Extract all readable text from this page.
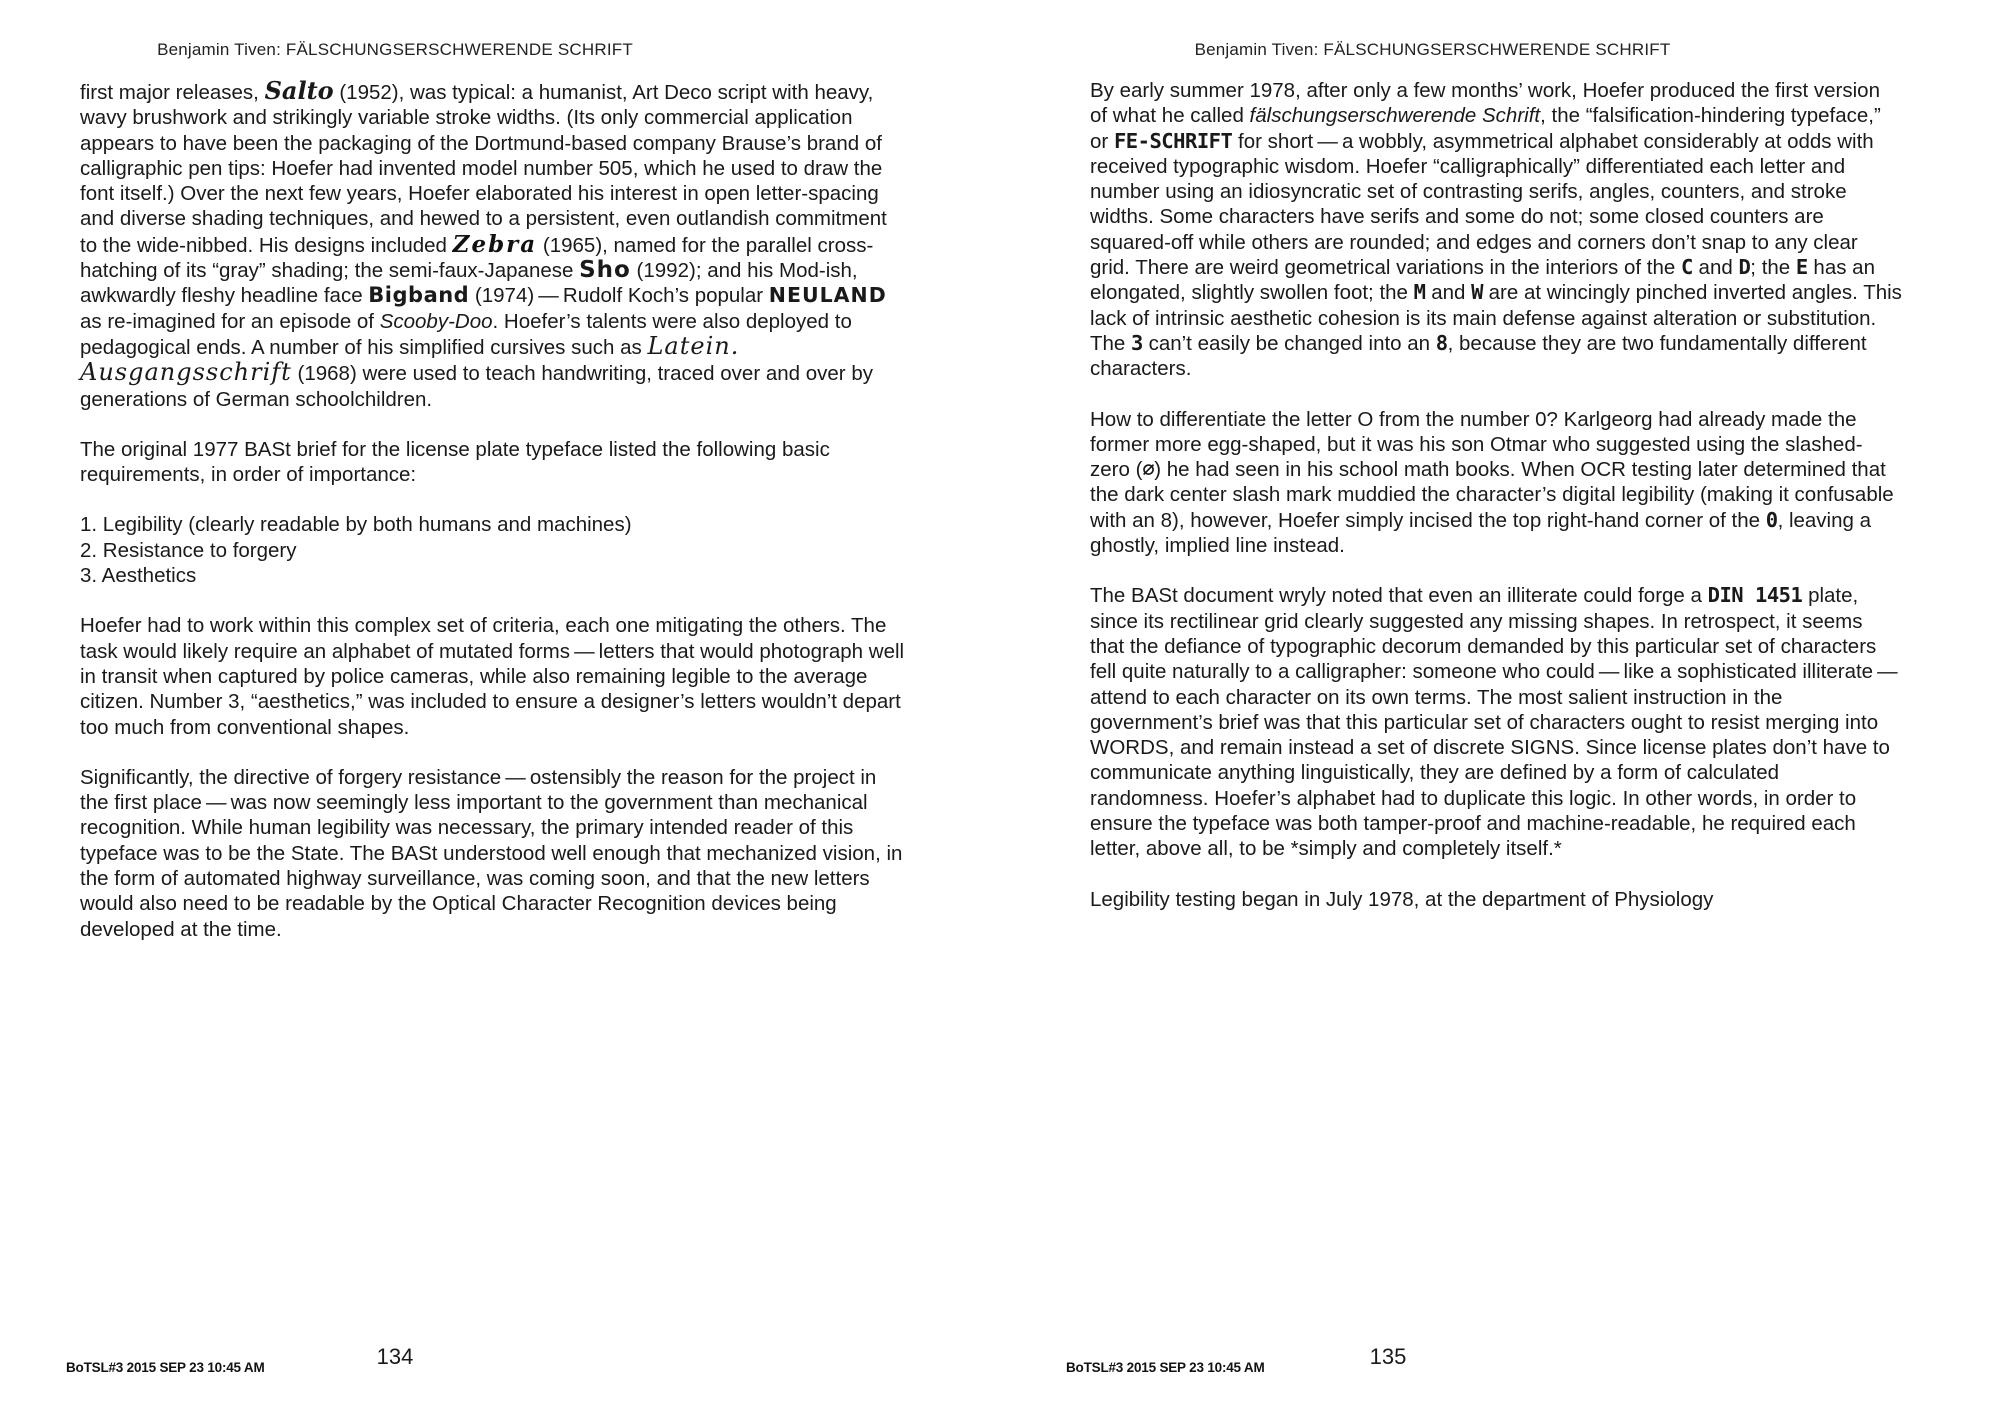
Benjamin Tiven: FÄLSCHUNGSERSCHWERENDE SCHRIFT

first major releases, Salto (1952), was typical: a humanist, Art Deco script with heavy, wavy brushwork and strikingly variable stroke widths. (Its only commercial application appears to have been the packaging of the Dortmund-based company Brause’s brand of calligraphic pen tips: Hoefer had invented model number 505, which he used to draw the font itself.) Over the next few years, Hoefer elaborated his interest in open letter-spacing and diverse shading techniques, and hewed to a persistent, even outlandish commitment to the wide-nibbed. His designs included Zebra (1965), named for the parallel cross-hatching of its “gray” shading; the semi-faux-Japanese Sho (1992); and his Mod-ish, awkwardly fleshy headline face Bigband (1974) — Rudolf Koch’s popular NEULAND as re-imagined for an episode of Scooby-Doo. Hoefer’s talents were also deployed to pedagogical ends. A number of his simplified cursives such as Latein. Ausgangsschrift (1968) were used to teach handwriting, traced over and over by generations of German schoolchildren.

The original 1977 BASt brief for the license plate typeface listed the following basic requirements, in order of importance:

1. Legibility (clearly readable by both humans and machines)

2. Resistance to forgery

3. Aesthetics

Hoefer had to work within this complex set of criteria, each one mitigating the others. The task would likely require an alphabet of mutated forms — letters that would photograph well in transit when captured by police cameras, while also remaining legible to the average citizen. Number 3, “aesthetics,” was included to ensure a designer’s letters wouldn’t depart too much from conventional shapes.

Significantly, the directive of forgery resistance — ostensibly the reason for the project in the first place — was now seemingly less important to the government than mechanical recognition. While human legibility was necessary, the primary intended reader of this typeface was to be the State. The BASt understood well enough that mechanized vision, in the form of automated highway surveillance, was coming soon, and that the new letters would also need to be readable by the Optical Character Recognition devices being developed at the time.

134
BoTSL#3 2015 SEP 23 10:45 AM
Benjamin Tiven: FÄLSCHUNGSERSCHWERENDE SCHRIFT

By early summer 1978, after only a few months’ work, Hoefer produced the first version of what he called fälschungserschwerende Schrift, the “falsification-hindering typeface,” or FE-SCHRIFT for short — a wobbly, asymmetrical alphabet considerably at odds with received typographic wisdom. Hoefer “calligraphically” differentiated each letter and number using an idiosyncratic set of contrasting serifs, angles, counters, and stroke widths. Some characters have serifs and some do not; some closed counters are squared-off while others are rounded; and edges and corners don’t snap to any clear grid. There are weird geometrical variations in the interiors of the C and D; the E has an elongated, slightly swollen foot; the M and W are at wincingly pinched inverted angles. This lack of intrinsic aesthetic cohesion is its main defense against alteration or substitution. The 3 can’t easily be changed into an 8, because they are two fundamentally different characters.

How to differentiate the letter O from the number 0? Karlgeorg had already made the former more egg-shaped, but it was his son Otmar who suggested using the slashed-zero (∅) he had seen in his school math books. When OCR testing later determined that the dark center slash mark muddied the character’s digital legibility (making it confusable with an 8), however, Hoefer simply incised the top right-hand corner of the 0, leaving a ghostly, implied line instead.

The BASt document wryly noted that even an illiterate could forge a DIN 1451 plate, since its rectilinear grid clearly suggested any missing shapes. In retrospect, it seems that the defiance of typographic decorum demanded by this particular set of characters fell quite naturally to a calligrapher: someone who could — like a sophisticated illiterate — attend to each character on its own terms. The most salient instruction in the government’s brief was that this particular set of characters ought to resist merging into WORDS, and remain instead a set of discrete SIGNS. Since license plates don’t have to communicate anything linguistically, they are defined by a form of calculated randomness. Hoefer’s alphabet had to duplicate this logic. In other words, in order to ensure the typeface was both tamper-proof and machine-readable, he required each letter, above all, to be *simply and completely itself.*

Legibility testing began in July 1978, at the department of Physiology

135
BoTSL#3 2015 SEP 23 10:45 AM
